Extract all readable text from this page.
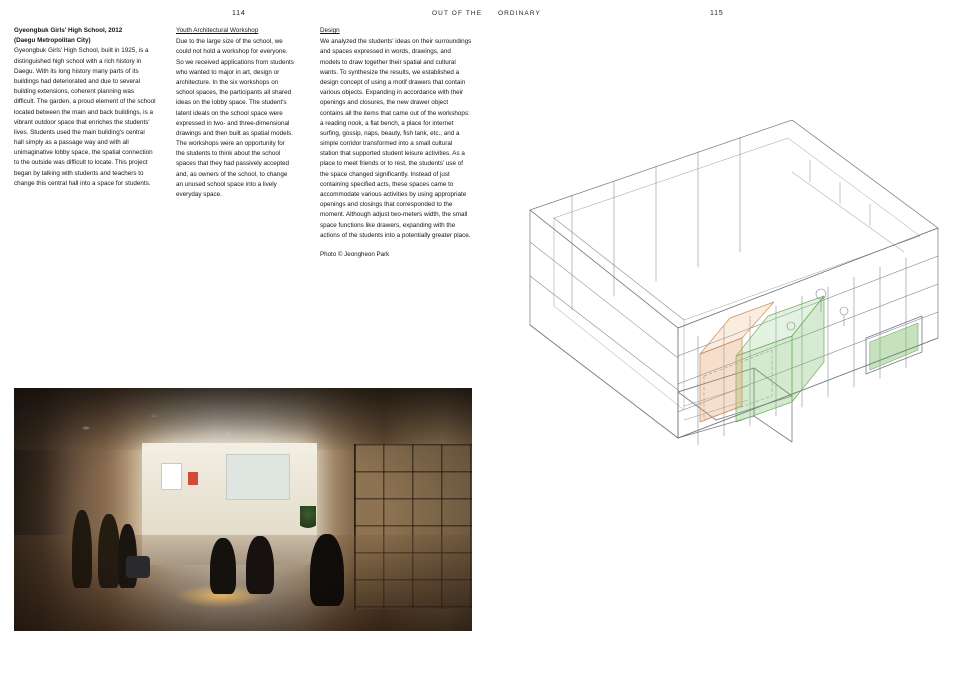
114	OUT OF THE ORDINARY	115
Gyeongbuk Girls' High School, 2012
(Daegu Metropolitan City)

Gyeongbuk Girls' High School, built in 1925, is a distinguished high school with a rich history in Daegu. With its long history many parts of its buildings had deteriorated and due to several building extensions, coherent planning was difficult. The garden, a proud element of the school located between the main and back buildings, is a vibrant outdoor space that enriches the students' lives. Students used the main building's central hall simply as a passage way and with all unimaginative lobby space, the spatial connection to the outside was difficult to locate. This project began by talking with students and teachers to change this central hall into a space for students.

Youth Architectural Workshop

Due to the large size of the school, we could not hold a workshop for everyone. So we received applications from students who wanted to major in art, design or architecture. In the six workshops on school spaces, the participants all shared ideas on the lobby space. The student's latent ideals on the school space were expressed in two- and three-dimensional drawings and then built as spatial models. The workshops were an opportunity for the students to think about the school spaces that they had passively accepted and, as owners of the school, to change an unused school space into a lively everyday space.

Design

We analyzed the students' ideas on their surroundings and spaces expressed in words, drawings, and models to draw together their spatial and cultural wants. To synthesize the results, we established a design concept of using a motif drawers that contain various objects. Expanding in accordance with their openings and closures, the new drawer object contains all the items that came out of the workshops: a reading nook, a flat bench, a place for internet surfing, gossip, naps, beauty, fish tank, etc., and a simple corridor transformed into a small cultural station that supported student leisure activities. As a place to meet friends or to rest, the students' use of the space changed significantly. Instead of just containing specified acts, these spaces came to accommodate various activities by using appropriate openings and closings that corresponded to the moment. Although adjust two-meters width, the small space functions like drawers, expanding with the actions of the students into a potentially greater place.

Photo © Jeongheon Park
